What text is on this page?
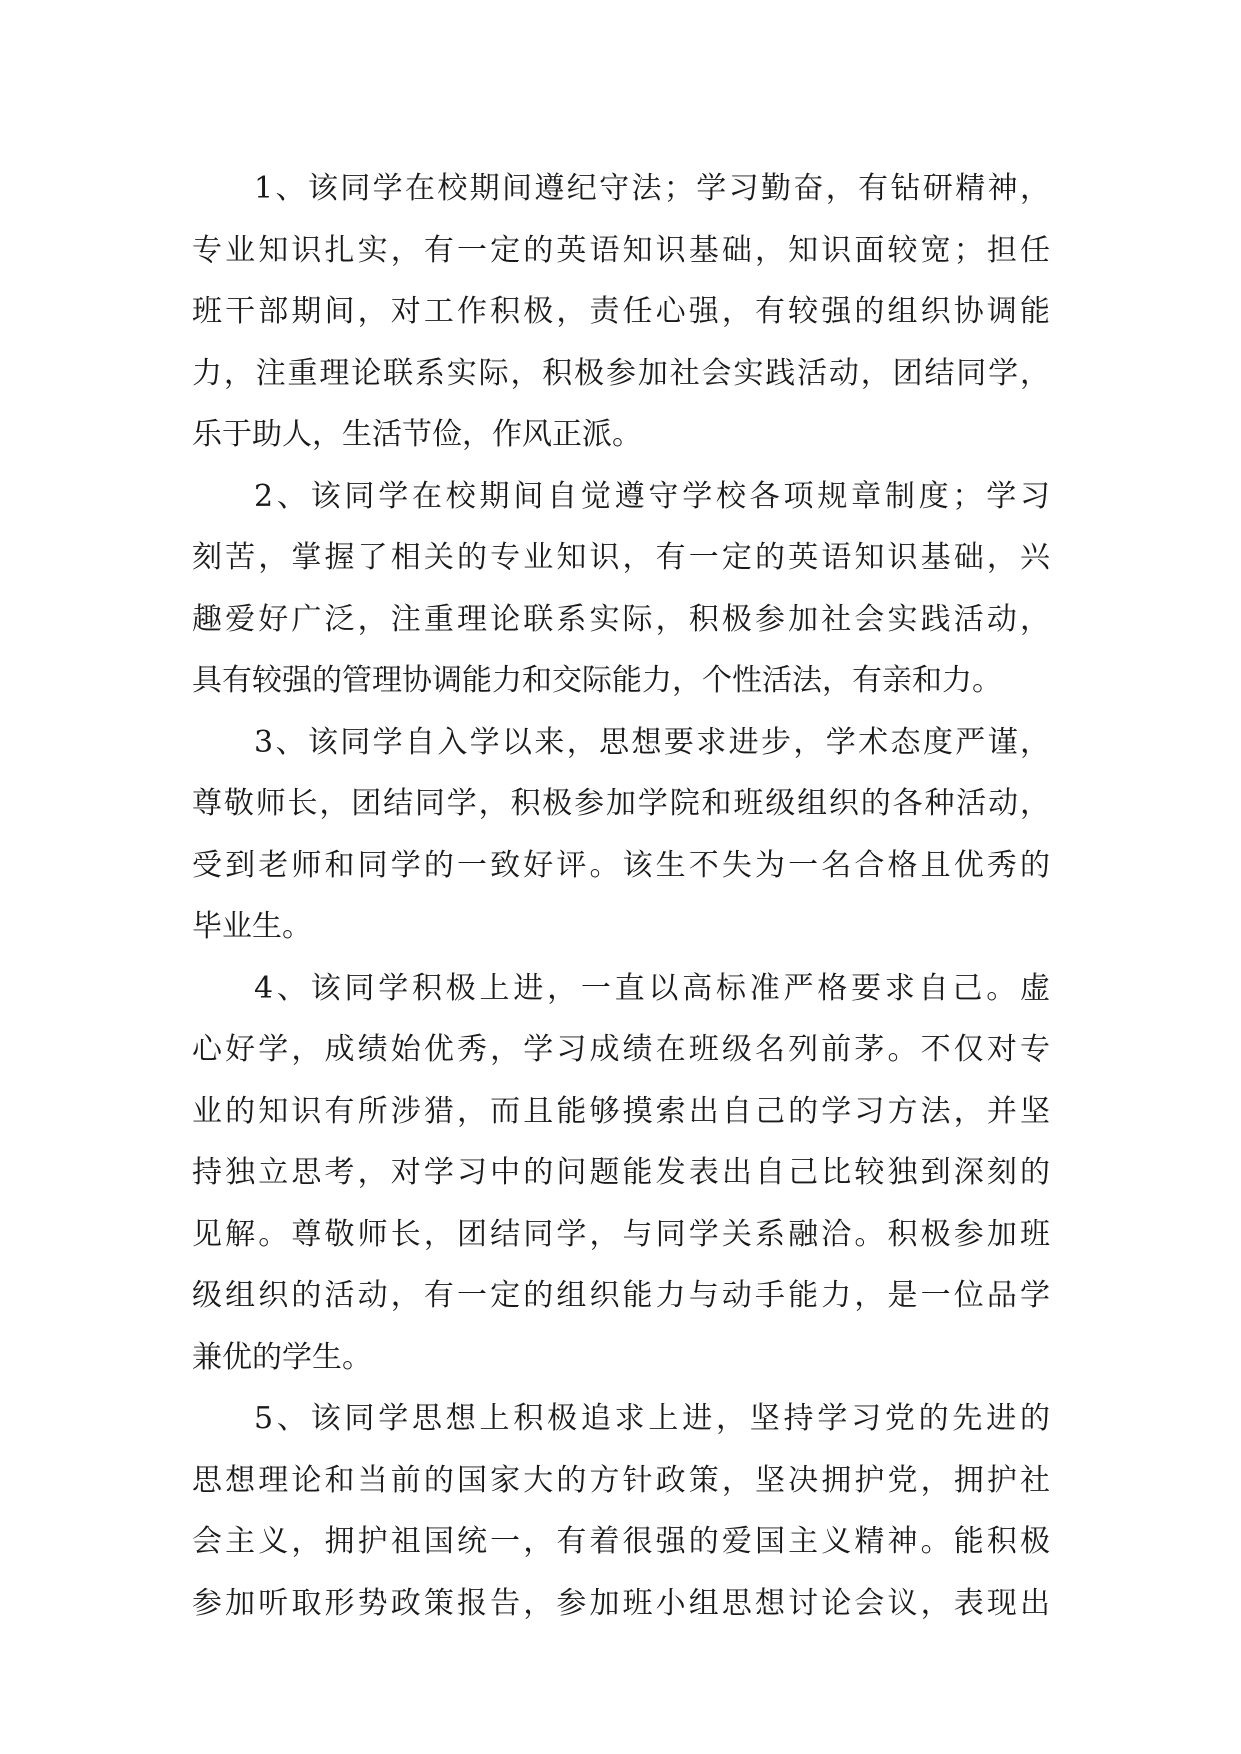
1、该同学在校期间遵纪守法；学习勤奋，有钻研精神，
专业知识扎实，有一定的英语知识基础，知识面较宽；担任
班干部期间，对工作积极，责任心强，有较强的组织协调能
力，注重理论联系实际，积极参加社会实践活动，团结同学，
乐于助人，生活节俭，作风正派。
2、该同学在校期间自觉遵守学校各项规章制度；学习
刻苦，掌握了相关的专业知识，有一定的英语知识基础，兴
趣爱好广泛，注重理论联系实际，积极参加社会实践活动，
具有较强的管理协调能力和交际能力，个性活法，有亲和力。
3、该同学自入学以来，思想要求进步，学术态度严谨，
尊敬师长，团结同学，积极参加学院和班级组织的各种活动，
受到老师和同学的一致好评。该生不失为一名合格且优秀的
毕业生。
4、该同学积极上进，一直以高标准严格要求自己。虚
心好学，成绩始优秀，学习成绩在班级名列前茅。不仅对专
业的知识有所涉猎，而且能够摸索出自己的学习方法，并坚
持独立思考，对学习中的问题能发表出自己比较独到深刻的
见解。尊敬师长，团结同学，与同学关系融洽。积极参加班
级组织的活动，有一定的组织能力与动手能力，是一位品学
兼优的学生。
5、该同学思想上积极追求上进，坚持学习党的先进的
思想理论和当前的国家大的方针政策，坚决拥护党，拥护社
会主义，拥护祖国统一，有着很强的爱国主义精神。能积极
参加听取形势政策报告，参加班小组思想讨论会议，表现出
